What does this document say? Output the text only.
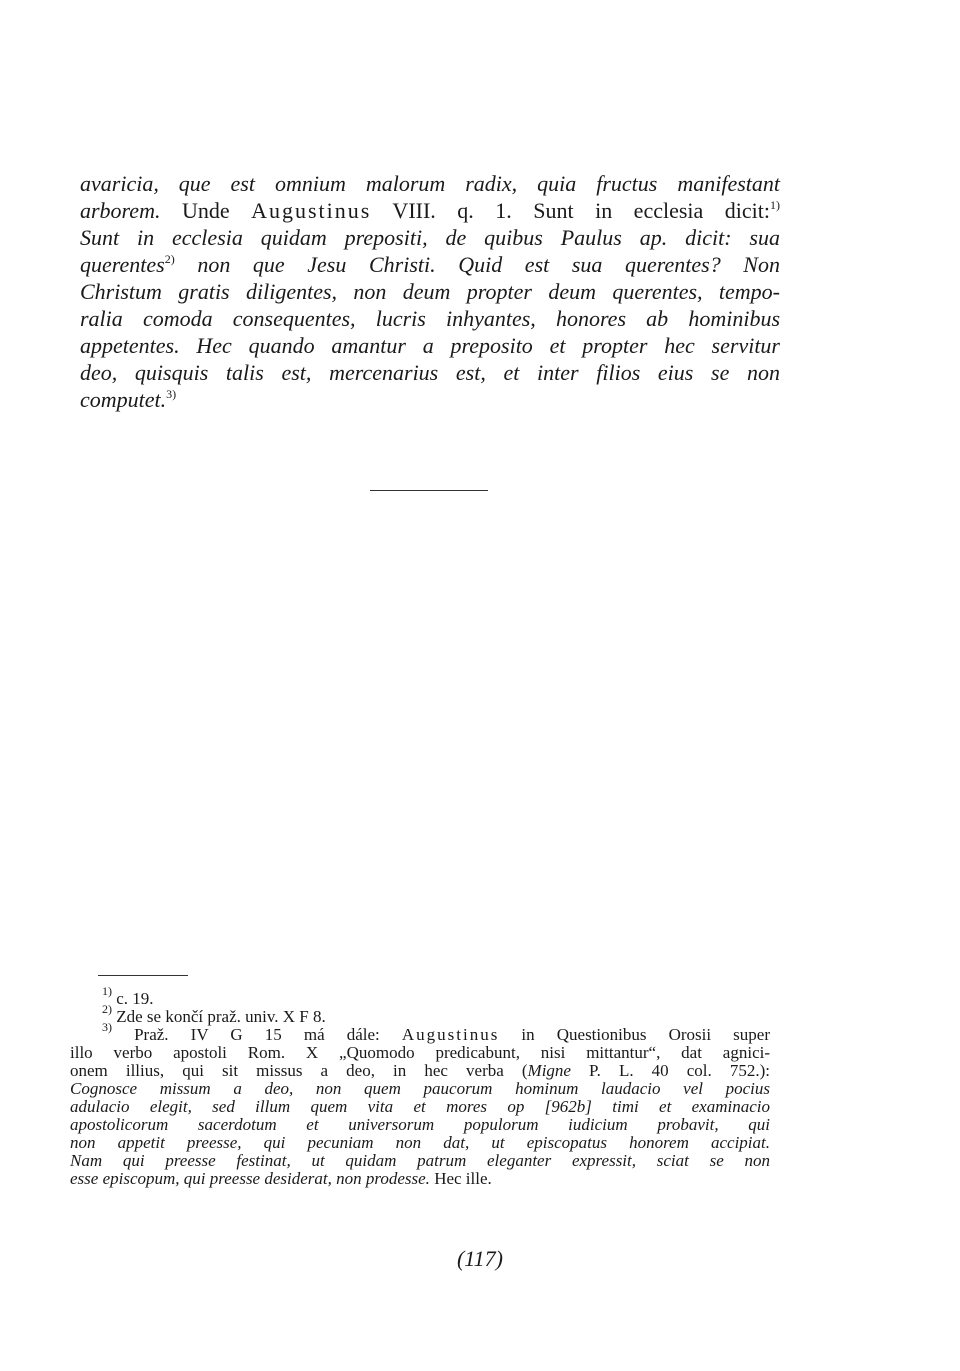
avaricia, que est omnium malorum radix, quia fructus manifestant
arborem. Unde Augustinus VIII. q. 1. Sunt in ecclesia dicit:$^{1)}$
Sunt in ecclesia quidam prepositi, de quibus Paulus ap. dicit: sua
querentes$^{2)}$ non que Jesu Christi. Quid est sua querentes? Non
Christum gratis diligentes, non deum propter deum querentes, tempo-
ralia comoda consequentes, lucris inhyantes, honores ab hominibus
appetentes. Hec quando amantur a preposito et propter hec servitur
deo, quisquis talis est, mercenarius est, et inter filios eius se non
computet.$^{3)}$
$^{1)}$ c. 19.
$^{2)}$ Zde se končí praž. univ. X F 8.
$^{3)}$ Praž. IV G 15 má dále: Augustinus in Questionibus Orosii super
illo verbo apostoli Rom. X „Quomodo predicabunt, nisi mittantur“, dat agnici-
onem illius, qui sit missus a deo, in hec verba (Migne P. L. 40 col. 752.):
Cognosce missum a deo, non quem paucorum hominum laudacio vel pocius
adulacio elegit, sed illum quem vita et mores op [962b] timi et examinacio
apostolicorum sacerdotum et universorum populorum iudicium probavit, qui
non appetit preesse, qui pecuniam non dat, ut episcopatus honorem accipiat.
Nam qui preesse festinat, ut quidam patrum eleganter expressit, sciat se non
esse episcopum, qui preesse desiderat, non prodesse. Hec ille.
(117)
